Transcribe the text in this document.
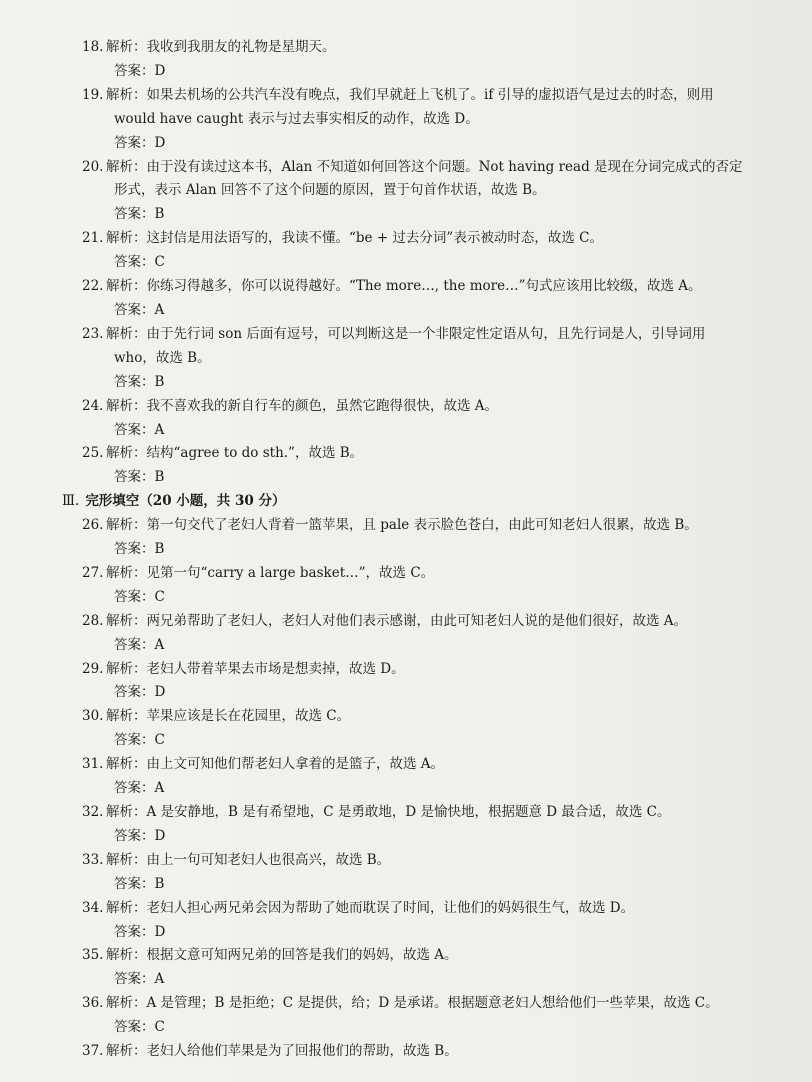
18. 解析：我收到我朋友的礼物是星期天。
答案：D
19. 解析：如果去机场的公共汽车没有晚点，我们早就赶上飞机了。if 引导的虚拟语气是过去的时态，则用
would have caught 表示与过去事实相反的动作，故选 D。
答案：D
20. 解析：由于没有读过这本书，Alan 不知道如何回答这个问题。Not having read 是现在分词完成式的否定
形式，表示 Alan 回答不了这个问题的原因，置于句首作状语，故选 B。
答案：B
21. 解析：这封信是用法语写的，我读不懂。“be + 过去分词”表示被动时态，故选 C。
答案：C
22. 解析：你练习得越多，你可以说得越好。“The more…, the more…”句式应该用比较级，故选 A。
答案：A
23. 解析：由于先行词 son 后面有逗号，可以判断这是一个非限定性定语从句，且先行词是人，引导词用
who，故选 B。
答案：B
24. 解析：我不喜欢我的新自行车的颜色，虽然它跑得很快，故选 A。
答案：A
25. 解析：结构“agree to do sth.”，故选 B。
答案：B
Ⅲ. 完形填空（20 小题，共 30 分）
26. 解析：第一句交代了老妇人背着一篮苹果，且 pale 表示脸色苍白，由此可知老妇人很累，故选 B。
答案：B
27. 解析：见第一句“carry a large basket…”，故选 C。
答案：C
28. 解析：两兄弟帮助了老妇人，老妇人对他们表示感谢，由此可知老妇人说的是他们很好，故选 A。
答案：A
29. 解析：老妇人带着苹果去市场是想卖掉，故选 D。
答案：D
30. 解析：苹果应该是长在花园里，故选 C。
答案：C
31. 解析：由上文可知他们帮老妇人拿着的是篮子，故选 A。
答案：A
32. 解析：A 是安静地，B 是有希望地，C 是勇敢地，D 是愉快地，根据题意 D 最合适，故选 C。
答案：D
33. 解析：由上一句可知老妇人也很高兴，故选 B。
答案：B
34. 解析：老妇人担心两兄弟会因为帮助了她而耽误了时间，让他们的妈妈很生气，故选 D。
答案：D
35. 解析：根据文意可知两兄弟的回答是我们的妈妈，故选 A。
答案：A
36. 解析：A 是管理；B 是拒绝；C 是提供，给；D 是承诺。根据题意老妇人想给他们一些苹果，故选 C。
答案：C
37. 解析：老妇人给他们苹果是为了回报他们的帮助，故选 B。
